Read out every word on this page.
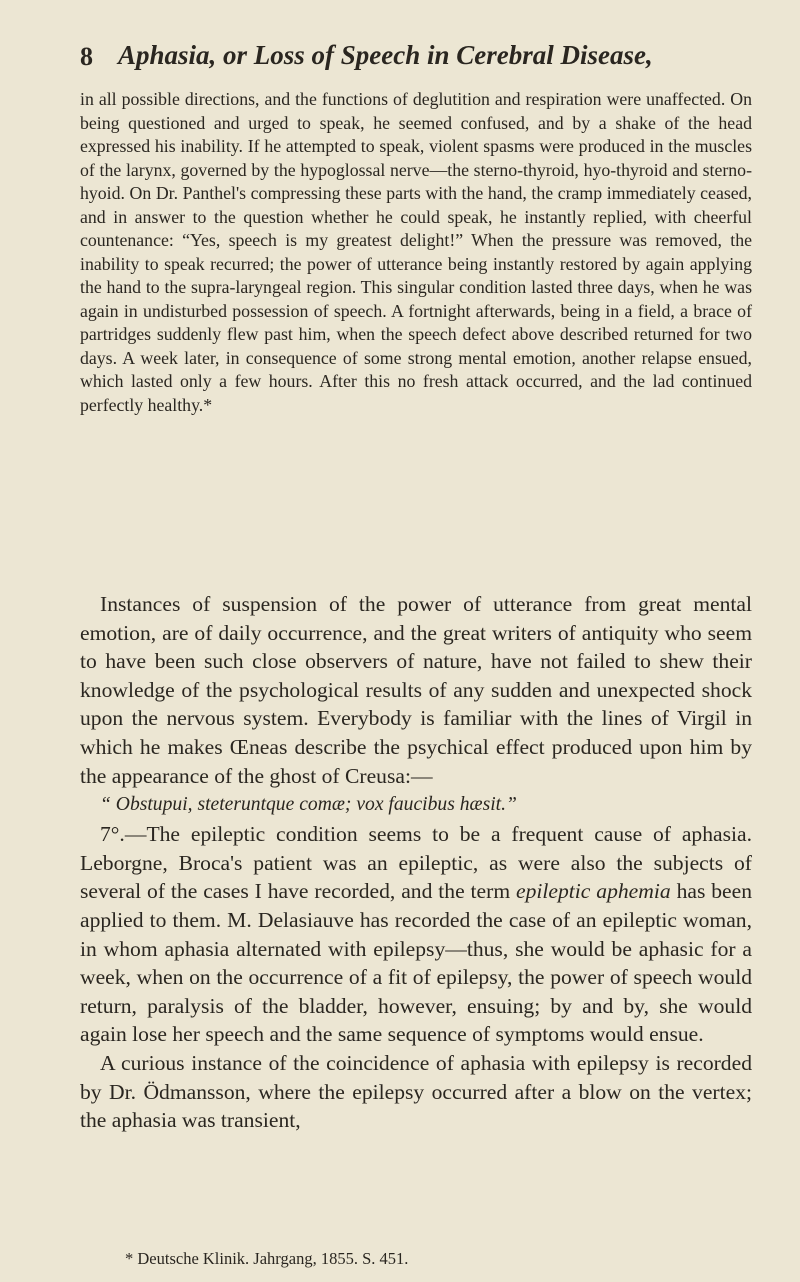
8 Aphasia, or Loss of Speech in Cerebral Disease,

in all possible directions, and the functions of deglutition and respiration were unaffected. On being questioned and urged to speak, he seemed confused, and by a shake of the head expressed his inability. If he attempted to speak, violent spasms were produced in the muscles of the larynx, governed by the hypoglossal nerve—the sterno-thyroid, hyo-thyroid and sterno-hyoid. On Dr. Panthel's compressing these parts with the hand, the cramp immediately ceased, and in answer to the question whether he could speak, he instantly replied, with cheerful countenance: “Yes, speech is my greatest delight!” When the pressure was removed, the inability to speak recurred; the power of utterance being instantly restored by again applying the hand to the supra-laryngeal region. This singular condition lasted three days, when he was again in undisturbed possession of speech. A fortnight afterwards, being in a field, a brace of partridges suddenly flew past him, when the speech defect above described returned for two days. A week later, in consequence of some strong mental emotion, another relapse ensued, which lasted only a few hours. After this no fresh attack occurred, and the lad continued perfectly healthy.*

Instances of suspension of the power of utterance from great mental emotion, are of daily occurrence, and the great writers of antiquity who seem to have been such close observers of nature, have not failed to shew their knowledge of the psychological results of any sudden and unexpected shock upon the nervous system. Everybody is familiar with the lines of Virgil in which he makes Œneas describe the psychical effect produced upon him by the appearance of the ghost of Creusa:—

“ Obstupui, steteruntque comæ; vox faucibus hæsit.”

7°.—The epileptic condition seems to be a frequent cause of aphasia. Leborgne, Broca's patient was an epileptic, as were also the subjects of several of the cases I have recorded, and the term epileptic aphemia has been applied to them. M. Delasiauve has recorded the case of an epileptic woman, in whom aphasia alternated with epilepsy—thus, she would be aphasic for a week, when on the occurrence of a fit of epilepsy, the power of speech would return, paralysis of the bladder, however, ensuing; by and by, she would again lose her speech and the same sequence of symptoms would ensue.

A curious instance of the coincidence of aphasia with epilepsy is recorded by Dr. Ödmansson, where the epilepsy occurred after a blow on the vertex; the aphasia was transient,

* Deutsche Klinik. Jahrgang, 1855. S. 451.
